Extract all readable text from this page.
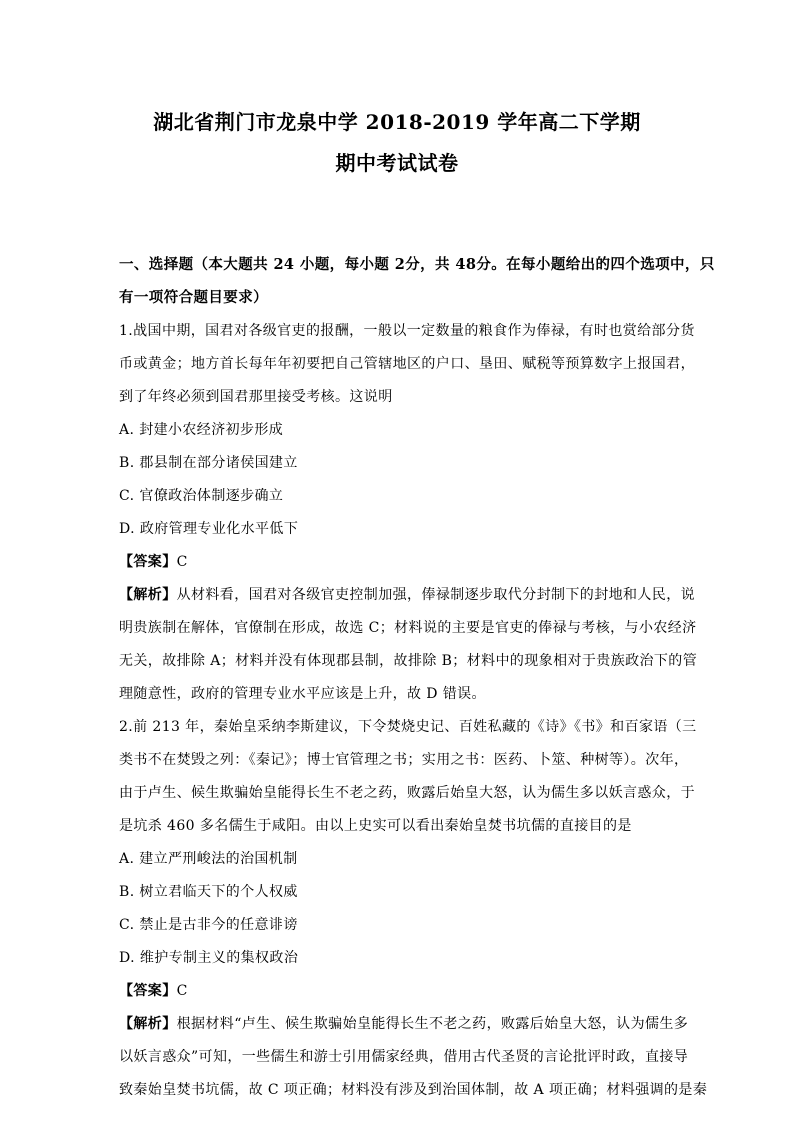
湖北省荆门市龙泉中学 2018-2019 学年高二下学期
期中考试试卷
一、选择题（本大题共 24 小题，每小题 2分，共 48分。在每小题给出的四个选项中，只
有一项符合题目要求）
1.战国中期，国君对各级官吏的报酬，一般以一定数量的粮食作为俸禄，有时也赏给部分货
币或黄金；地方首长每年年初要把自己管辖地区的户口、垦田、赋税等预算数字上报国君，
到了年终必须到国君那里接受考核。这说明
A. 封建小农经济初步形成
B. 郡县制在部分诸侯国建立
C. 官僚政治体制逐步确立
D. 政府管理专业化水平低下
【答案】C
【解析】从材料看，国君对各级官吏控制加强，俸禄制逐步取代分封制下的封地和人民，说
明贵族制在解体，官僚制在形成，故选 C；材料说的主要是官吏的俸禄与考核，与小农经济
无关，故排除 A；材料并没有体现郡县制，故排除 B；材料中的现象相对于贵族政治下的管
理随意性，政府的管理专业水平应该是上升，故 D 错误。
2.前 213 年，秦始皇采纳李斯建议，下令焚烧史记、百姓私藏的《诗》《书》和百家语（三
类书不在焚毁之列：《秦记》；博士官管理之书；实用之书：医药、卜筮、种树等）。次年，
由于卢生、候生欺骗始皇能得长生不老之药，败露后始皇大怒，认为儒生多以妖言惑众，于
是坑杀 460 多名儒生于咸阳。由以上史实可以看出秦始皇焚书坑儒的直接目的是
A. 建立严刑峻法的治国机制
B. 树立君临天下的个人权威
C. 禁止是古非今的任意诽谤
D. 维护专制主义的集权政治
【答案】C
【解析】根据材料“卢生、候生欺骗始皇能得长生不老之药，败露后始皇大怒，认为儒生多
以妖言惑众”可知，一些儒生和游士引用儒家经典，借用古代圣贤的言论批评时政，直接导
致秦始皇焚书坑儒，故 C 项正确；材料没有涉及到治国体制，故 A 项正确；材料强调的是秦
